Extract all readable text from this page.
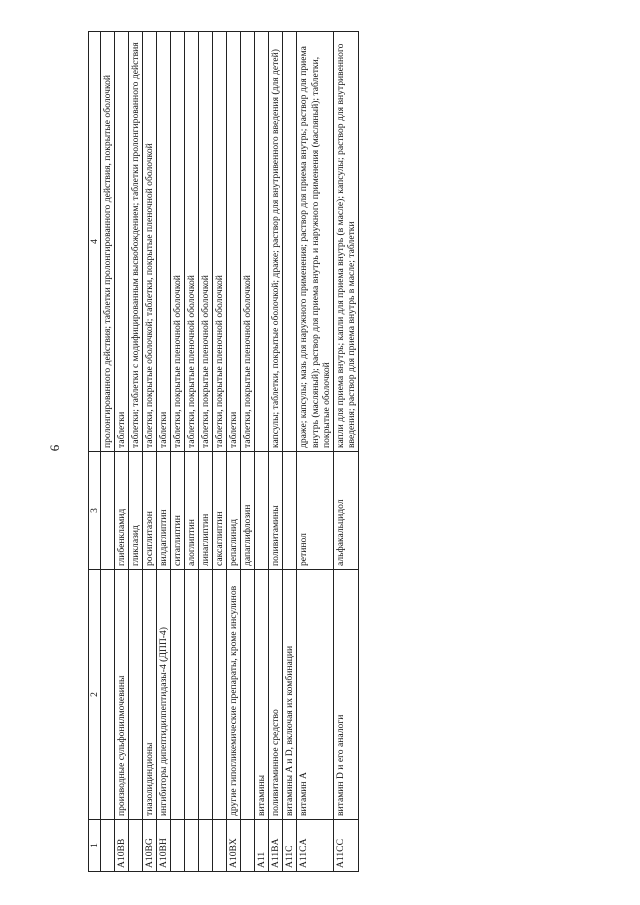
6
1	2	3	4
			пролонгированного действия; таблетки пролонгированного действия, покрытые оболочкой
A10BB	производные сульфонилмочевины	глибенкламид	таблетки
		гликлазид	таблетки; таблетки с модифицированным высвобождением; таблетки пролонгированного действия
A10BG	тиазолидиндионы	росиглитазон	таблетки, покрытые оболочкой; таблетки, покрытые пленочной оболочкой
A10BH	ингибиторы дипептидилпептидазы-4 (ДПП-4)	вилдаглиптин	таблетки
		ситаглиптин	таблетки, покрытые пленочной оболочкой
		алоглиптин	таблетки, покрытые пленочной оболочкой
		линаглиптин	таблетки, покрытые пленочной оболочкой
		саксаглиптин	таблетки, покрытые пленочной оболочкой
A10BX	другие гипогликемические препараты, кроме инсулинов	репаглинид	таблетки
		дапаглифлозин	таблетки, покрытые пленочной оболочкой
A11	витамины		
A11BA	поливитаминное средство	поливитамины	капсулы; таблетки, покрытые оболочкой; драже; раствор для внутривенного введения (для детей)
A11C	витамины A и D, включая их комбинации		
A11CA	витамин A	ретинол	драже; капсулы; мазь для наружного применения; раствор для приема внутрь; раствор для приема внутрь (масляный); раствор для приема внутрь и наружного применения (масляный); таблетки, покрытые оболочкой
A11CC	витамин D и его аналоги	альфакальцидол	капли для приема внутрь; капли для приема внутрь (в масле); капсулы; раствор для внутривенного введения; раствор для приема внутрь в масле; таблетки
